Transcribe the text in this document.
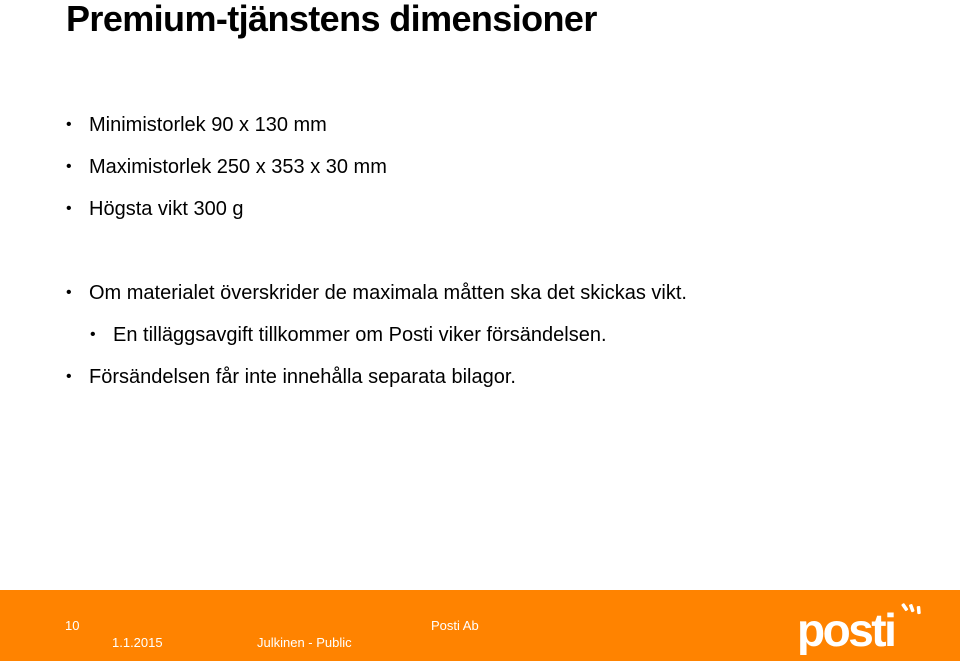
Premium-tjänstens dimensioner
• Minimistorlek 90 x 130 mm
• Maximistorlek 250 x 353 x 30 mm
• Högsta vikt 300 g
• Om materialet överskrider de maximala måtten ska det skickas vikt.
• En tilläggsavgift tillkommer om Posti viker försändelsen.
• Försändelsen får inte innehålla separata bilagor.
10
1.1.2015
Posti Ab
Julkinen - Public	posti
